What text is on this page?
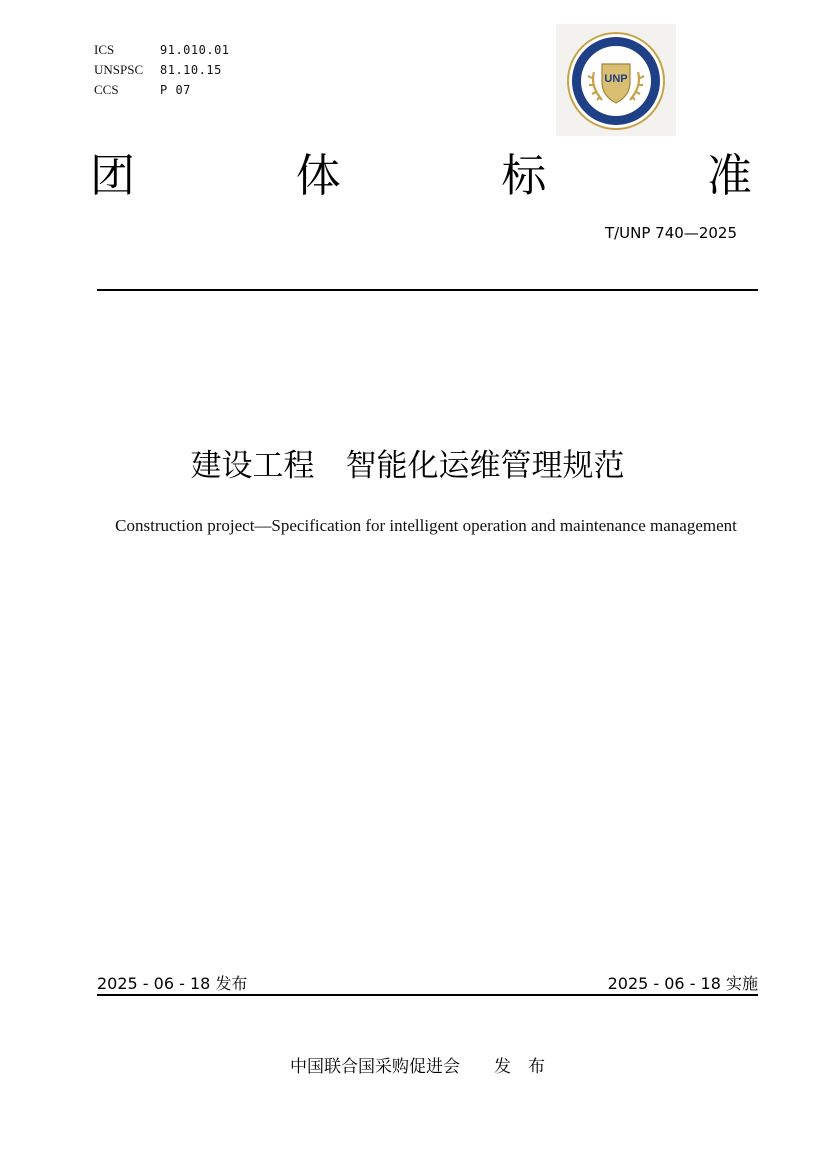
ICS	91.010.01
UNSPSC	81.10.15
CCS	P 07
UNP
团	体	标	准
T/UNP 740—2025
建设工程　智能化运维管理规范
Construction project—Specification for intelligent operation and maintenance management
2025 - 06 - 18 发布	2025 - 06 - 18 实施
中国联合国采购促进会　　发　布
